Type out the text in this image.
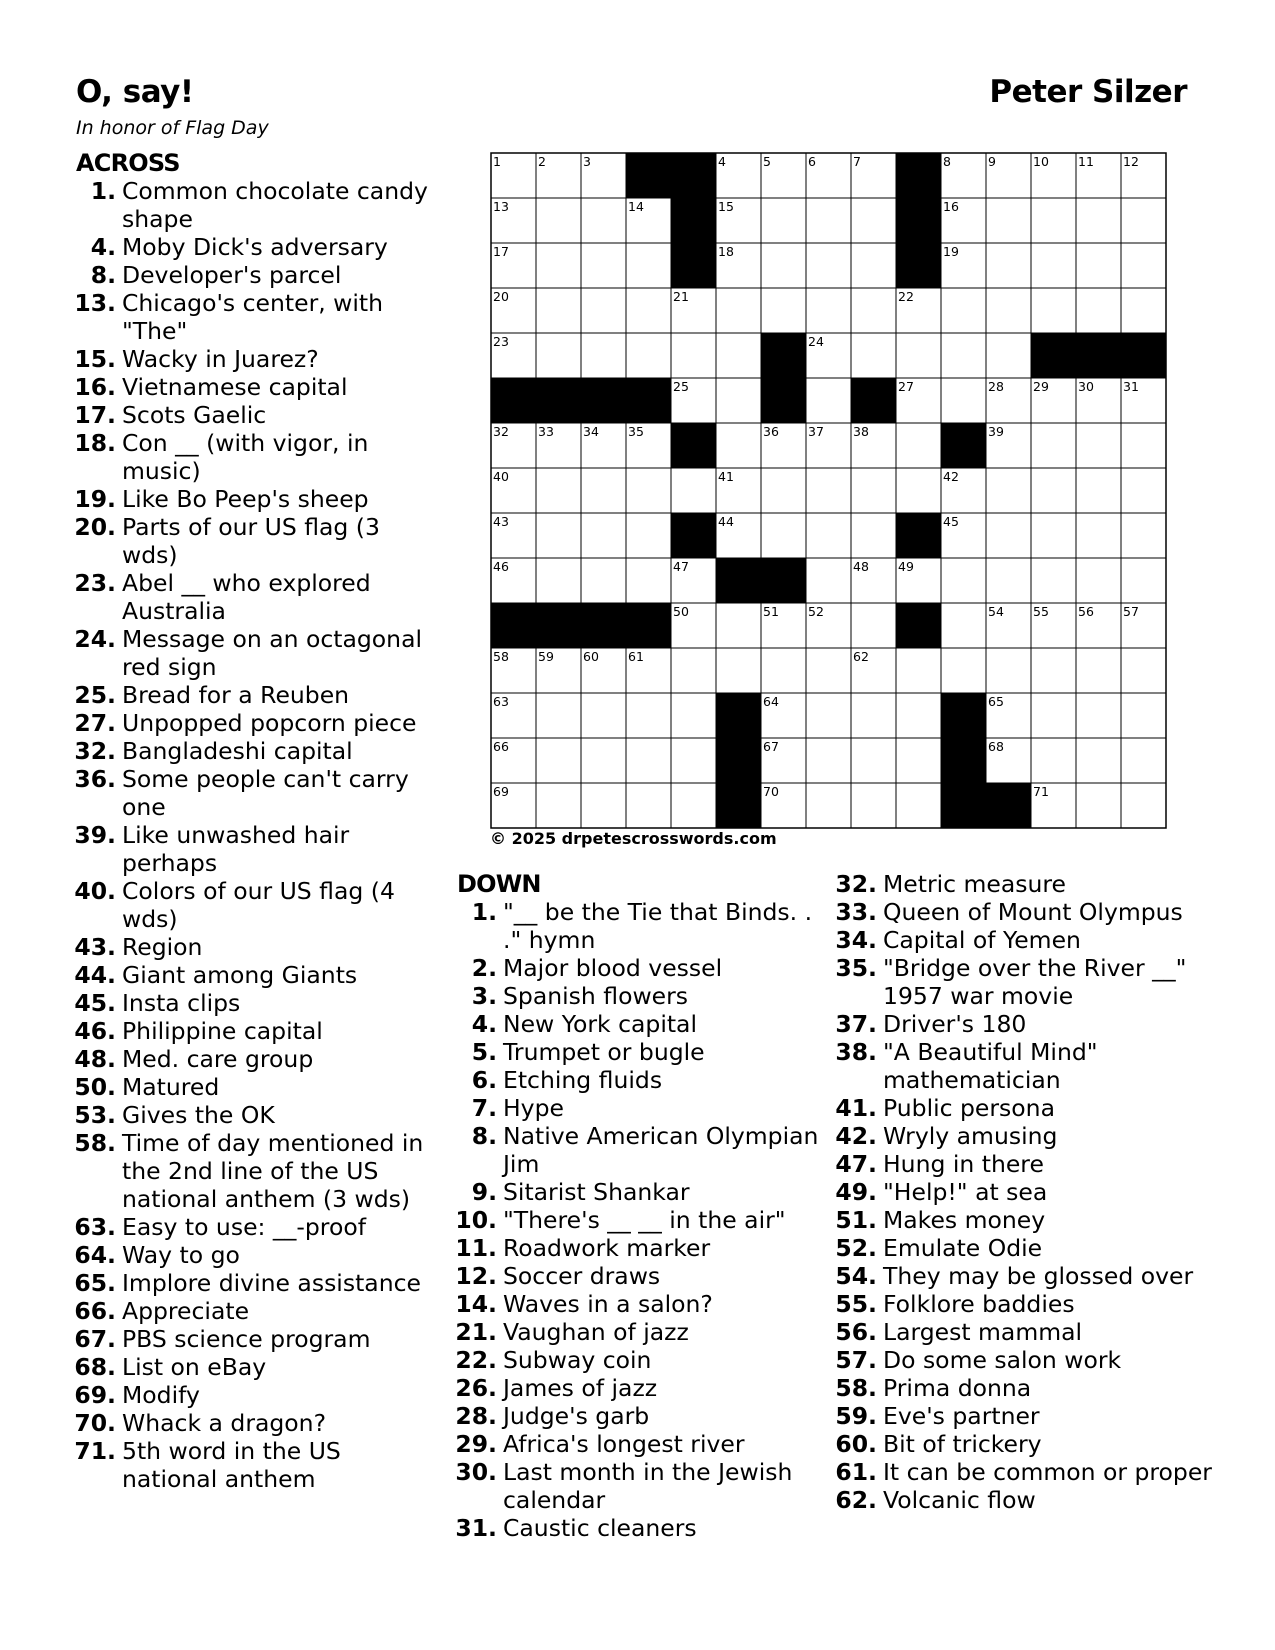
O, say!	Peter Silzer
In honor of Flag Day
ACROSS
1. Common chocolate candy shape
4. Moby Dick's adversary
8. Developer's parcel
13. Chicago's center, with "The"
15. Wacky in Juarez?
16. Vietnamese capital
17. Scots Gaelic
18. Con __ (with vigor, in music)
19. Like Bo Peep's sheep
20. Parts of our US flag (3 wds)
23. Abel __ who explored Australia
24. Message on an octagonal red sign
25. Bread for a Reuben
27. Unpopped popcorn piece
32. Bangladeshi capital
36. Some people can't carry one
39. Like unwashed hair perhaps
40. Colors of our US flag (4 wds)
43. Region
44. Giant among Giants
45. Insta clips
46. Philippine capital
48. Med. care group
50. Matured
53. Gives the OK
58. Time of day mentioned in the 2nd line of the US national anthem (3 wds)
63. Easy to use: __-proof
64. Way to go
65. Implore divine assistance
66. Appreciate
67. PBS science program
68. List on eBay
69. Modify
70. Whack a dragon?
71. 5th word in the US national anthem
1	2	3	4	5	6	7	8	9	10 11 12
13	14	15	16
17	18	19
20	21	22
23	24
25	27	28 29 30 31
32 33 34 35	36 37 38	39
40	41	42
43	44	45
46	47	48 49
50	51 52	54 55 56 57
58 59 60 61	62
63	64	65
66	67	68
69	70	71
© 2025 drpetescrosswords.com
DOWN
1. "__ be the Tie that Binds. . ." hymn
2. Major blood vessel
3. Spanish flowers
4. New York capital
5. Trumpet or bugle
6. Etching fluids
7. Hype
8. Native American Olympian Jim
9. Sitarist Shankar
10. "There's __ __ in the air"
11. Roadwork marker
12. Soccer draws
14. Waves in a salon?
21. Vaughan of jazz
22. Subway coin
26. James of jazz
28. Judge's garb
29. Africa's longest river
30. Last month in the Jewish calendar
31. Caustic cleaners
32. Metric measure
33. Queen of Mount Olympus
34. Capital of Yemen
35. "Bridge over the River __" 1957 war movie
37. Driver's 180
38. "A Beautiful Mind" mathematician
41. Public persona
42. Wryly amusing
47. Hung in there
49. "Help!" at sea
51. Makes money
52. Emulate Odie
54. They may be glossed over
55. Folklore baddies
56. Largest mammal
57. Do some salon work
58. Prima donna
59. Eve's partner
60. Bit of trickery
61. It can be common or proper
62. Volcanic flow
